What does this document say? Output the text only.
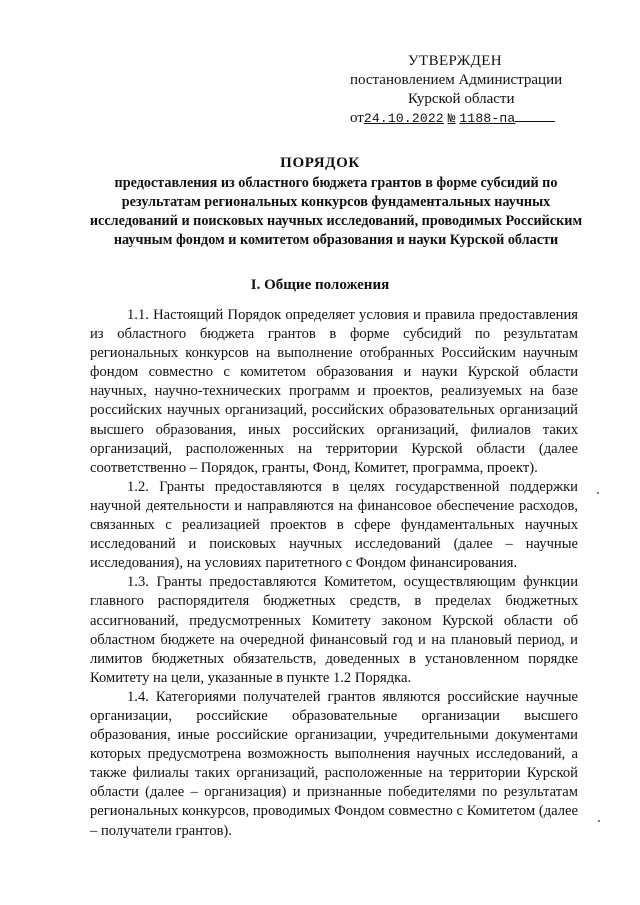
УТВЕРЖДЕН
постановлением Администрации
Курской области
от24.10.2022 № 1188-па
ПОРЯДОК
предоставления из областного бюджета грантов в форме субсидий по результатам региональных конкурсов фундаментальных научных исследований и поисковых научных исследований, проводимых Российским научным фондом и комитетом образования и науки Курской области
I. Общие положения

1.1. Настоящий Порядок определяет условия и правила предоставления из областного бюджета грантов в форме субсидий по результатам региональных конкурсов на выполнение отобранных Российским научным фондом совместно с комитетом образования и науки Курской области научных, научно-технических программ и проектов, реализуемых на базе российских научных организаций, российских образовательных организаций высшего образования, иных российских организаций, филиалов таких организаций, расположенных на территории Курской области (далее соответственно – Порядок, гранты, Фонд, Комитет, программа, проект).

1.2. Гранты предоставляются в целях государственной поддержки научной деятельности и направляются на финансовое обеспечение расходов, связанных с реализацией проектов в сфере фундаментальных научных исследований и поисковых научных исследований (далее – научные исследования), на условиях паритетного с Фондом финансирования.

1.3. Гранты предоставляются Комитетом, осуществляющим функции главного распорядителя бюджетных средств, в пределах бюджетных ассигнований, предусмотренных Комитету законом Курской области об областном бюджете на очередной финансовый год и на плановый период, и лимитов бюджетных обязательств, доведенных в установленном порядке Комитету на цели, указанные в пункте 1.2 Порядка.

1.4. Категориями получателей грантов являются российские научные организации, российские образовательные организации высшего образования, иные российские организации, учредительными документами которых предусмотрена возможность выполнения научных исследований, а также филиалы таких организаций, расположенные на территории Курской области (далее – организация) и признанные победителями по результатам региональных конкурсов, проводимых Фондом совместно с Комитетом (далее – получатели грантов).
